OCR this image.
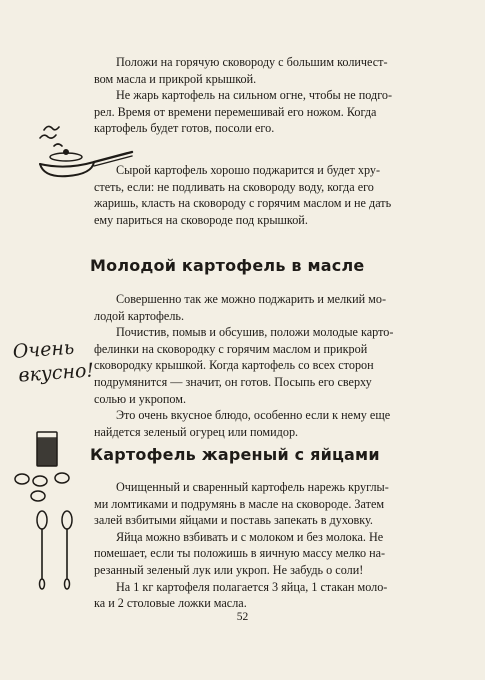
Положи на горячую сковороду с большим количест-
вом масла и прикрой крышкой.
Не жарь картофель на сильном огне, чтобы не подго-
рел. Время от времени перемешивай его ножом. Когда
картофель будет готов, посоли его.
Сырой картофель хорошо поджарится и будет хру-
стеть, если: не подливать на сковороду воду, когда его
жаришь, класть на сковороду с горячим маслом и не дать
ему париться на сковороде под крышкой.
Молодой картофель в масле
Очень
вкусно!
Совершенно так же можно поджарить и мелкий мо-
лодой картофель.
Почистив, помыв и обсушив, положи молодые карто-
фелинки на сковородку с горячим маслом и прикрой
сковородку крышкой. Когда картофель со всех сторон
подрумянится — значит, он готов. Посыпь его сверху
солью и укропом.
Это очень вкусное блюдо, особенно если к нему еще
найдется зеленый огурец или помидор.
Картофель жареный с яйцами
Очищенный и сваренный картофель нарежь круглы-
ми ломтиками и подрумянь в масле на сковороде. Затем
залей взбитыми яйцами и поставь запекать в духовку.
Яйца можно взбивать и с молоком и без молока. Не
помешает, если ты положишь в яичную массу мелко на-
резанный зеленый лук или укроп. Не забудь о соли!
На 1 кг картофеля полагается 3 яйца, 1 стакан моло-
ка и 2 столовые ложки масла.
52
